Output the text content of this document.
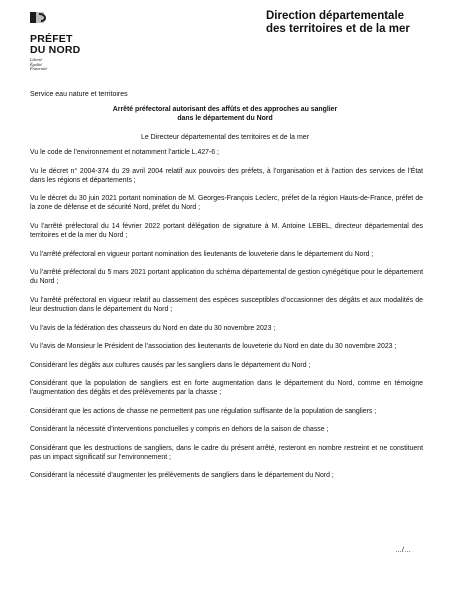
PRÉFET
DU NORD
Liberté
Égalité
Fraternité
Direction départementale
des territoires et de la mer

Service eau nature et territoires

Arrêté préfectoral autorisant des affûts et des approches au sanglier
dans le département du Nord

Le Directeur départemental des territoires et de la mer

Vu le code de l’environnement et notamment l’article L.427-6 ;

Vu le décret n° 2004-374 du 29 avril 2004 relatif aux pouvoirs des préfets, à l’organisation et à l’action des services de l’État dans les régions et départements ;

Vu le décret du 30 juin 2021 portant nomination de M. Georges-François Leclerc, préfet de la région Hauts-de-France, préfet de la zone de défense et de sécurité Nord, préfet du Nord ;

Vu l’arrêté préfectoral du 14 février 2022 portant délégation de signature à M. Antoine LEBEL, directeur départemental des territoires et de la mer du Nord ;

Vu l’arrêté préfectoral en vigueur portant nomination des lieutenants de louveterie dans le département du Nord ;

Vu l’arrêté préfectoral du 5 mars 2021 portant application du schéma départemental de gestion cynégétique pour le département du Nord ;

Vu l’arrêté préfectoral en vigueur relatif au classement des espèces susceptibles d’occasionner des dégâts et aux modalités de leur destruction dans le département du Nord ;

Vu l’avis de la fédération des chasseurs du Nord en date du 30 novembre 2023 ;

Vu l’avis de Monsieur le Président de l’association des lieutenants de louveterie du Nord en date du 30 novembre 2023 ;

Considérant les dégâts aux cultures causés par les sangliers dans le département du Nord ;

Considérant que la population de sangliers est en forte augmentation dans le département du Nord, comme en témoigne l’augmentation des dégâts et des prélèvements par la chasse ;

Considérant que les actions de chasse ne permettent pas une régulation suffisante de la population de sangliers ;

Considérant la nécessité d’interventions ponctuelles y compris en dehors de la saison de chasse ;

Considérant que les destructions de sangliers, dans le cadre du présent arrêté, resteront en nombre restreint et ne constituent pas un impact significatif sur l’environnement ;

Considérant la nécessité d’augmenter les prélèvements de sangliers dans le département du Nord ;

…/…
